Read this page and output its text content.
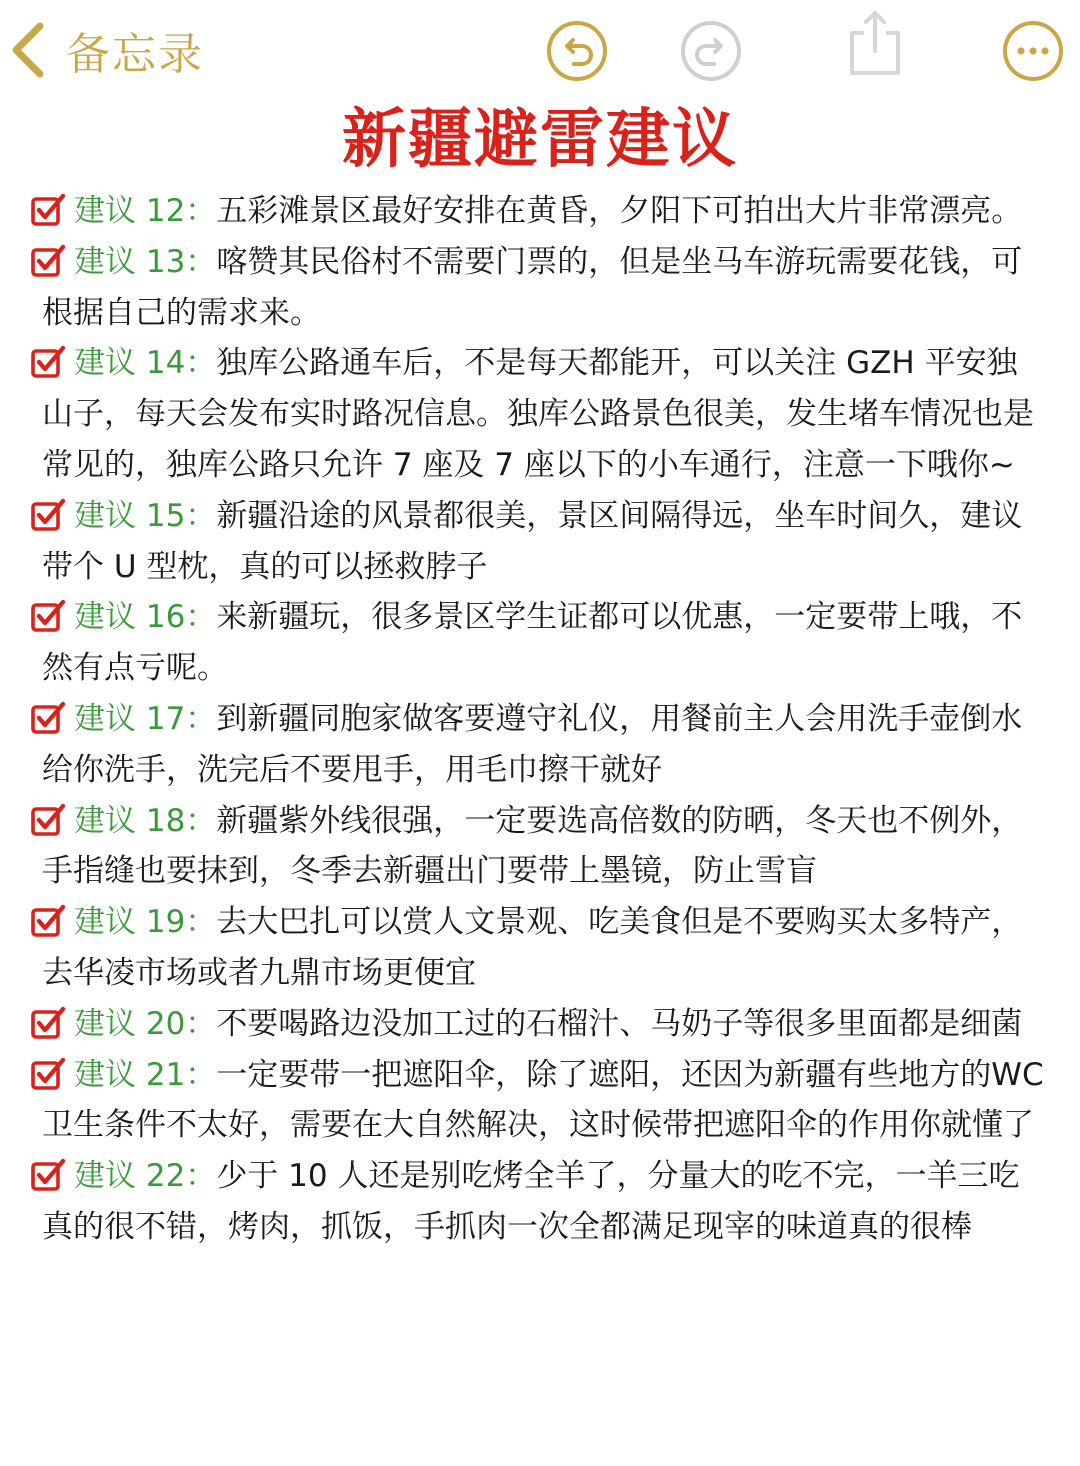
备忘录
新疆避雷建议
建议 12：五彩滩景区最好安排在黄昏，夕阳下可拍出大片非常漂亮。
建议 13：喀赞其民俗村不需要门票的，但是坐马车游玩需要花钱，可根据自己的需求来。
建议 14：独库公路通车后，不是每天都能开，可以关注 GZH 平安独山子，每天会发布实时路况信息。独库公路景色很美，发生堵车情况也是常见的，独库公路只允许 7 座及 7 座以下的小车通行，注意一下哦你~
建议 15：新疆沿途的风景都很美，景区间隔得远，坐车时间久，建议带个 U 型枕，真的可以拯救脖子
建议 16：来新疆玩，很多景区学生证都可以优惠，一定要带上哦，不然有点亏呢。
建议 17：到新疆同胞家做客要遵守礼仪，用餐前主人会用洗手壶倒水给你洗手，洗完后不要甩手，用毛巾擦干就好
建议 18：新疆紫外线很强，一定要选高倍数的防晒，冬天也不例外，手指缝也要抹到，冬季去新疆出门要带上墨镜，防止雪盲
建议 19：去大巴扎可以赏人文景观、吃美食但是不要购买太多特产，去华凌市场或者九鼎市场更便宜
建议 20：不要喝路边没加工过的石榴汁、马奶子等很多里面都是细菌
建议 21：一定要带一把遮阳伞，除了遮阳，还因为新疆有些地方的WC 卫生条件不太好，需要在大自然解决，这时候带把遮阳伞的作用你就懂了
建议 22：少于 10 人还是别吃烤全羊了，分量大的吃不完，一羊三吃真的很不错，烤肉，抓饭，手抓肉一次全都满足现宰的味道真的很棒
